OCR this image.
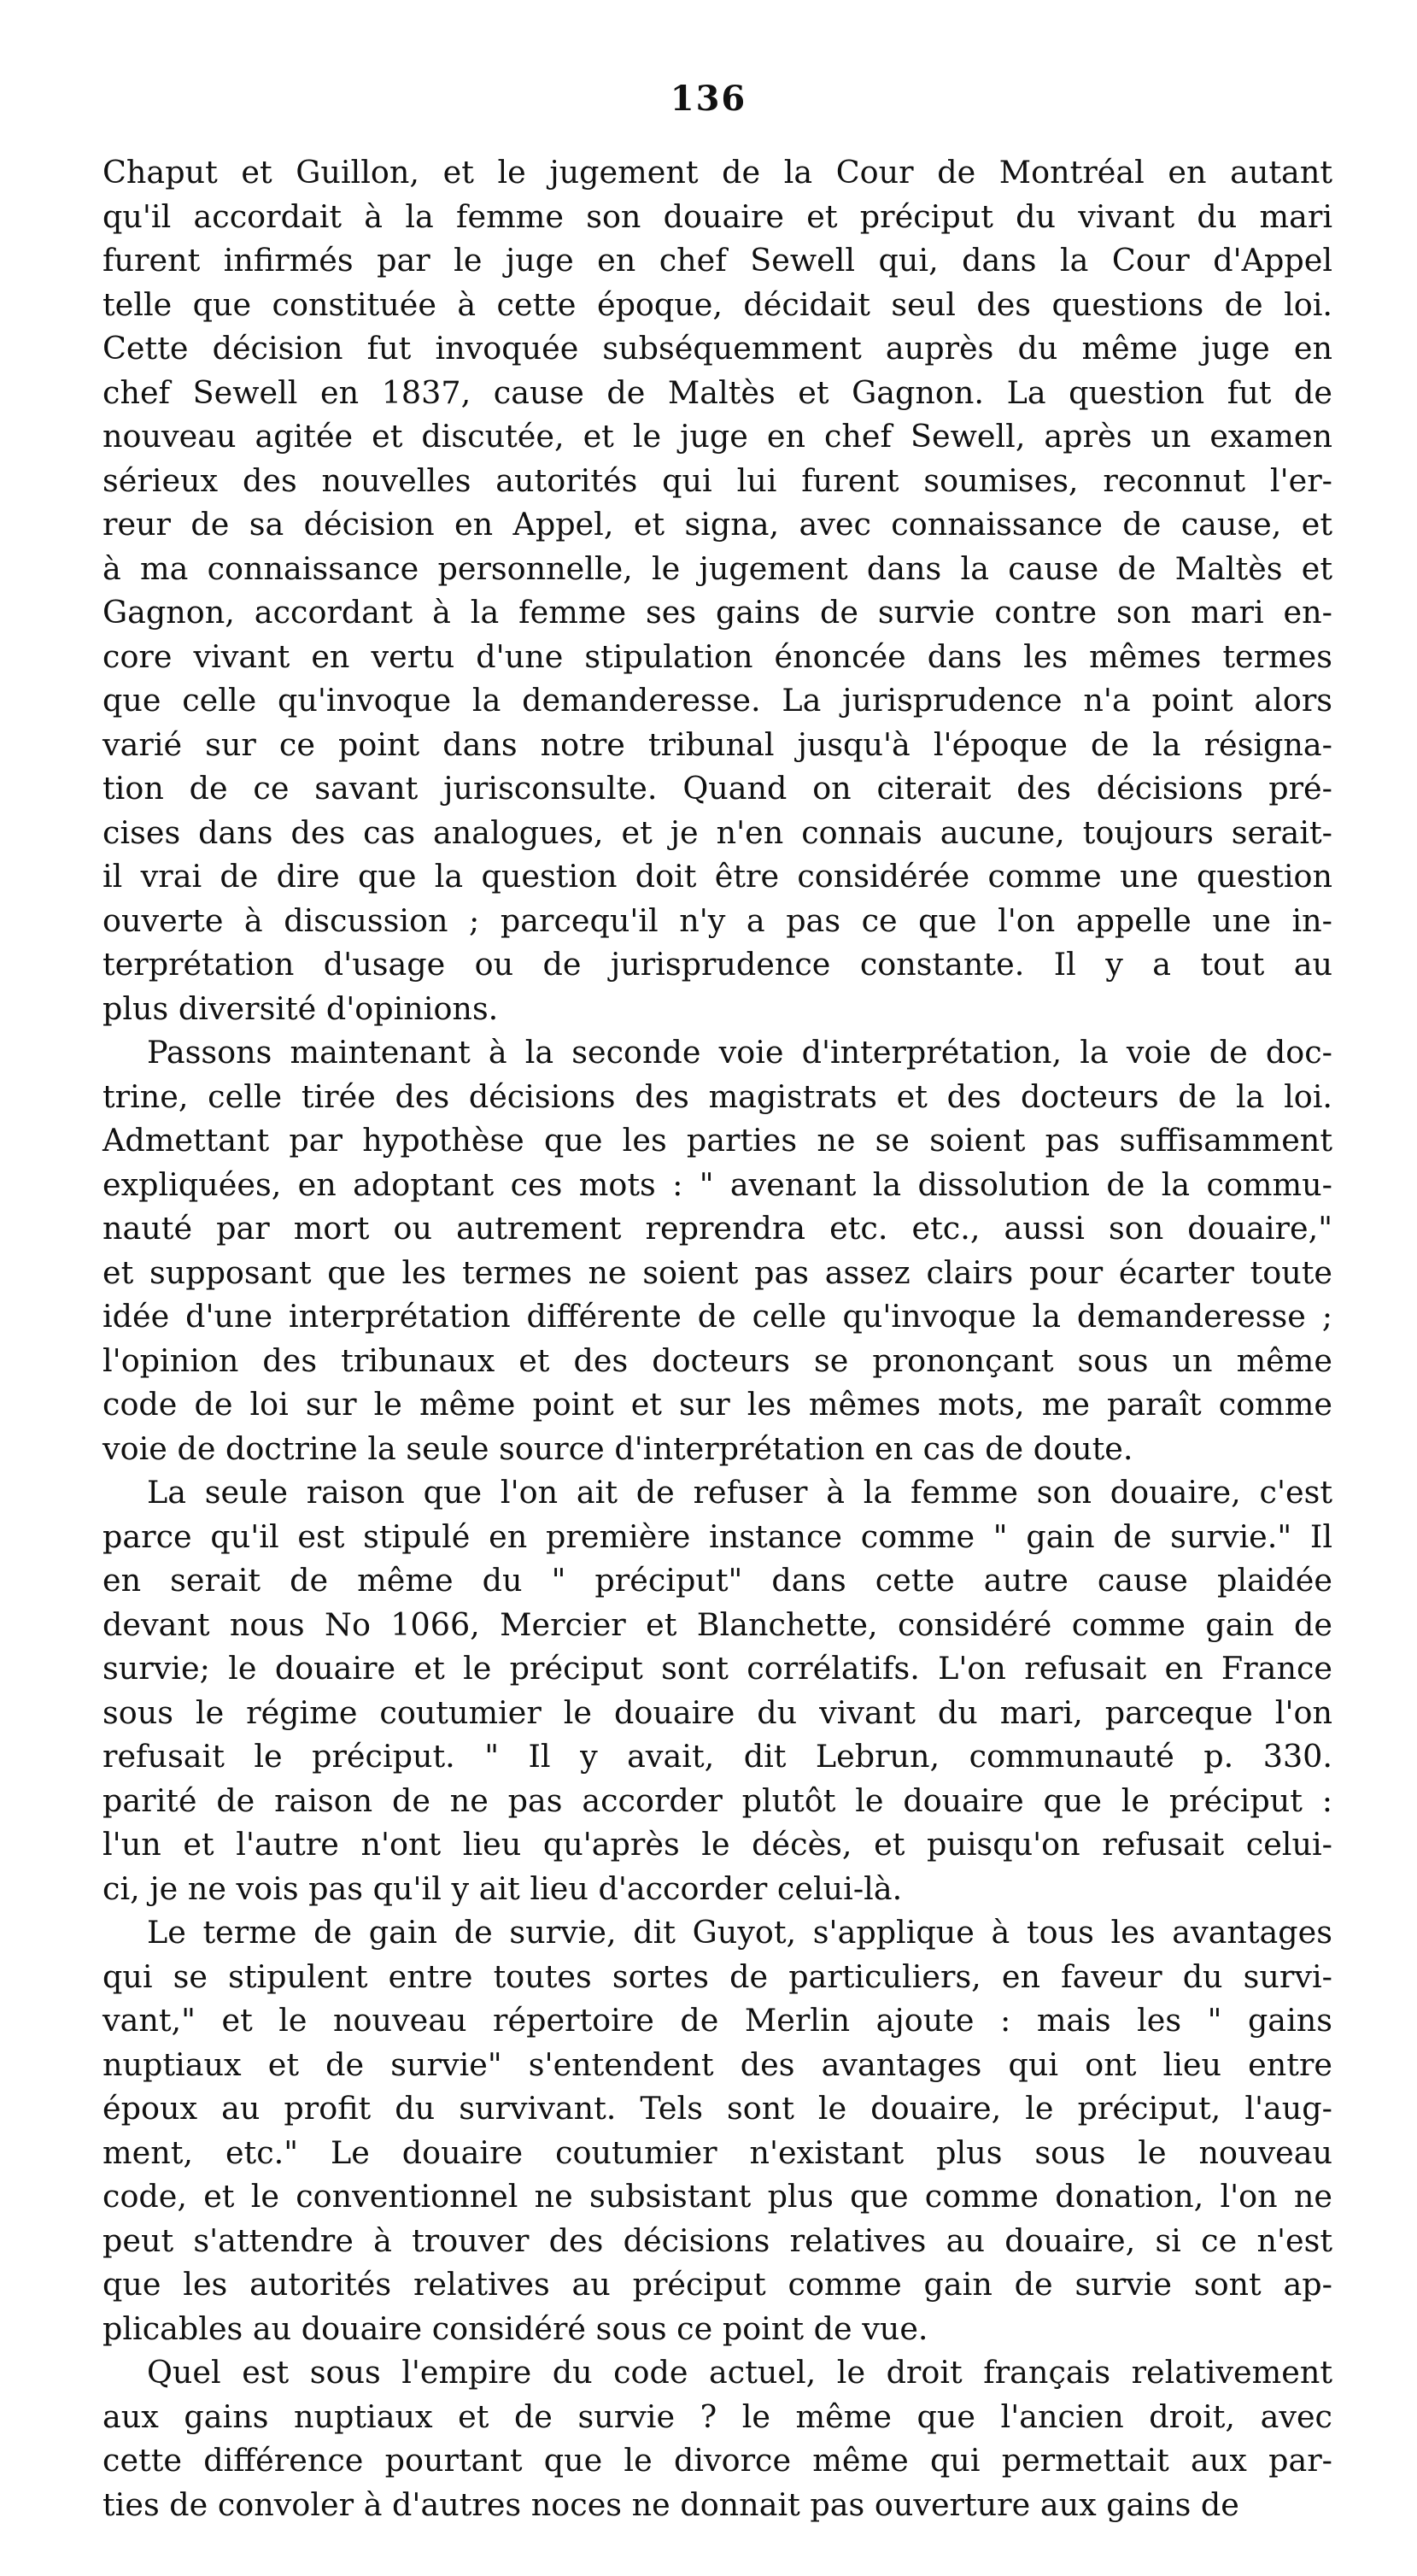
136
Chaput et Guillon, et le jugement de la Cour de Montréal en autant
qu'il accordait à la femme son douaire et préciput du vivant du mari
furent infirmés par le juge en chef Sewell qui, dans la Cour d'Appel
telle que constituée à cette époque, décidait seul des questions de loi.
Cette décision fut invoquée subséquemment auprès du même juge en
chef Sewell en 1837, cause de Maltès et Gagnon. La question fut de
nouveau agitée et discutée, et le juge en chef Sewell, après un examen
sérieux des nouvelles autorités qui lui furent soumises, reconnut l'er-
reur de sa décision en Appel, et signa, avec connaissance de cause, et
à ma connaissance personnelle, le jugement dans la cause de Maltès et
Gagnon, accordant à la femme ses gains de survie contre son mari en-
core vivant en vertu d'une stipulation énoncée dans les mêmes termes
que celle qu'invoque la demanderesse. La jurisprudence n'a point alors
varié sur ce point dans notre tribunal jusqu'à l'époque de la résigna-
tion de ce savant jurisconsulte. Quand on citerait des décisions pré-
cises dans des cas analogues, et je n'en connais aucune, toujours serait-
il vrai de dire que la question doit être considérée comme une question
ouverte à discussion ; parcequ'il n'y a pas ce que l'on appelle une in-
terprétation d'usage ou de jurisprudence constante. Il y a tout au
plus diversité d'opinions.
Passons maintenant à la seconde voie d'interprétation, la voie de doc-
trine, celle tirée des décisions des magistrats et des docteurs de la loi.
Admettant par hypothèse que les parties ne se soient pas suffisamment
expliquées, en adoptant ces mots : " avenant la dissolution de la commu-
nauté par mort ou autrement reprendra etc. etc., aussi son douaire,"
et supposant que les termes ne soient pas assez clairs pour écarter toute
idée d'une interprétation différente de celle qu'invoque la demanderesse ;
l'opinion des tribunaux et des docteurs se prononçant sous un même
code de loi sur le même point et sur les mêmes mots, me paraît comme
voie de doctrine la seule source d'interprétation en cas de doute.
La seule raison que l'on ait de refuser à la femme son douaire, c'est
parce qu'il est stipulé en première instance comme " gain de survie." Il
en serait de même du " préciput" dans cette autre cause plaidée
devant nous No 1066, Mercier et Blanchette, considéré comme gain de
survie; le douaire et le préciput sont corrélatifs. L'on refusait en France
sous le régime coutumier le douaire du vivant du mari, parceque l'on
refusait le préciput. " Il y avait, dit Lebrun, communauté p. 330.
parité de raison de ne pas accorder plutôt le douaire que le préciput :
l'un et l'autre n'ont lieu qu'après le décès, et puisqu'on refusait celui-
ci, je ne vois pas qu'il y ait lieu d'accorder celui-là.
Le terme de gain de survie, dit Guyot, s'applique à tous les avantages
qui se stipulent entre toutes sortes de particuliers, en faveur du survi-
vant," et le nouveau répertoire de Merlin ajoute : mais les " gains
nuptiaux et de survie" s'entendent des avantages qui ont lieu entre
époux au profit du survivant. Tels sont le douaire, le préciput, l'aug-
ment, etc." Le douaire coutumier n'existant plus sous le nouveau
code, et le conventionnel ne subsistant plus que comme donation, l'on ne
peut s'attendre à trouver des décisions relatives au douaire, si ce n'est
que les autorités relatives au préciput comme gain de survie sont ap-
plicables au douaire considéré sous ce point de vue.
Quel est sous l'empire du code actuel, le droit français relativement
aux gains nuptiaux et de survie ? le même que l'ancien droit, avec
cette différence pourtant que le divorce même qui permettait aux par-
ties de convoler à d'autres noces ne donnait pas ouverture aux gains de
